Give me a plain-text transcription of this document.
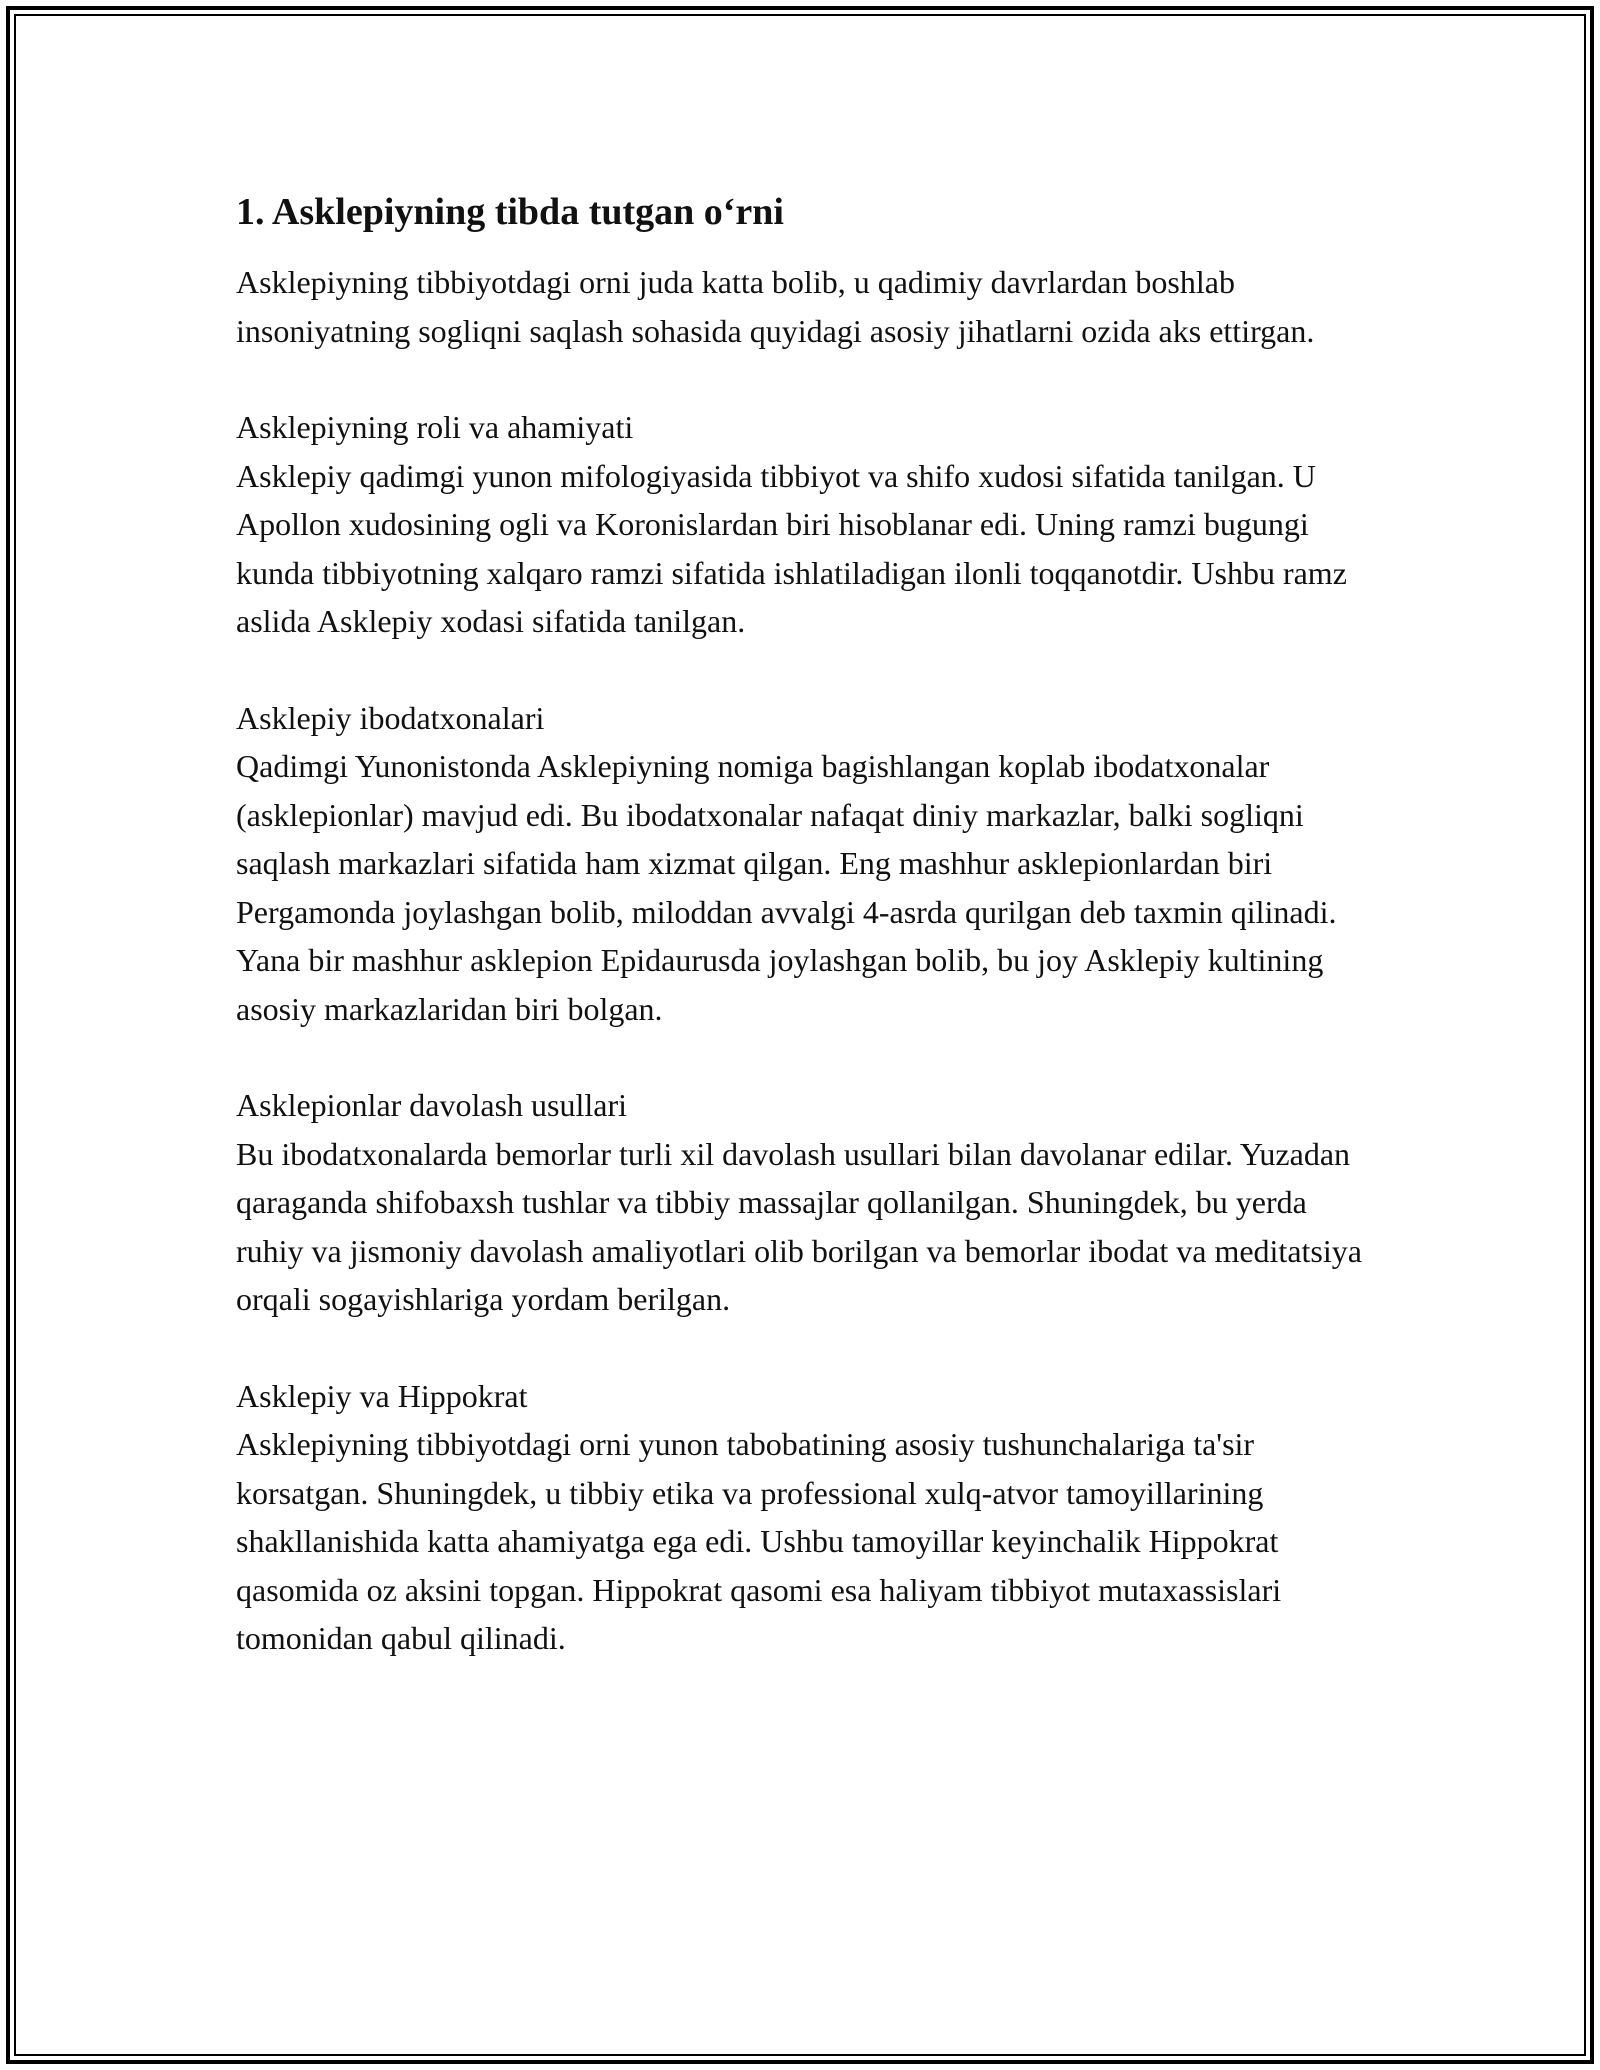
1. Asklepiyning tibda tutgan o‘rni

Asklepiyning tibbiyotdagi orni juda katta bolib, u qadimiy davrlardan boshlab insoniyatning sogliqni saqlash sohasida quyidagi asosiy jihatlarni ozida aks ettirgan.

Asklepiyning roli va ahamiyati

Asklepiy qadimgi yunon mifologiyasida tibbiyot va shifo xudosi sifatida tanilgan. U Apollon xudosining ogli va Koronislardan biri hisoblanar edi. Uning ramzi bugungi kunda tibbiyotning xalqaro ramzi sifatida ishlatiladigan ilonli toqqanotdir. Ushbu ramz aslida Asklepiy xodasi sifatida tanilgan.

Asklepiy ibodatxonalari

Qadimgi Yunonistonda Asklepiyning nomiga bagishlangan koplab ibodatxonalar (asklepionlar) mavjud edi. Bu ibodatxonalar nafaqat diniy markazlar, balki sogliqni saqlash markazlari sifatida ham xizmat qilgan. Eng mashhur asklepionlardan biri Pergamonda joylashgan bolib, miloddan avvalgi 4-asrda qurilgan deb taxmin qilinadi. Yana bir mashhur asklepion Epidaurusda joylashgan bolib, bu joy Asklepiy kultining asosiy markazlaridan biri bolgan.

Asklepionlar davolash usullari

Bu ibodatxonalarda bemorlar turli xil davolash usullari bilan davolanar edilar. Yuzadan qaraganda shifobaxsh tushlar va tibbiy massajlar qollanilgan. Shuningdek, bu yerda ruhiy va jismoniy davolash amaliyotlari olib borilgan va bemorlar ibodat va meditatsiya orqali sogayishlariga yordam berilgan.

Asklepiy va Hippokrat

Asklepiyning tibbiyotdagi orni yunon tabobatining asosiy tushunchalariga ta'sir korsatgan. Shuningdek, u tibbiy etika va professional xulq-atvor tamoyillarining shakllanishida katta ahamiyatga ega edi. Ushbu tamoyillar keyinchalik Hippokrat qasomida oz aksini topgan. Hippokrat qasomi esa haliyam tibbiyot mutaxassislari tomonidan qabul qilinadi.
